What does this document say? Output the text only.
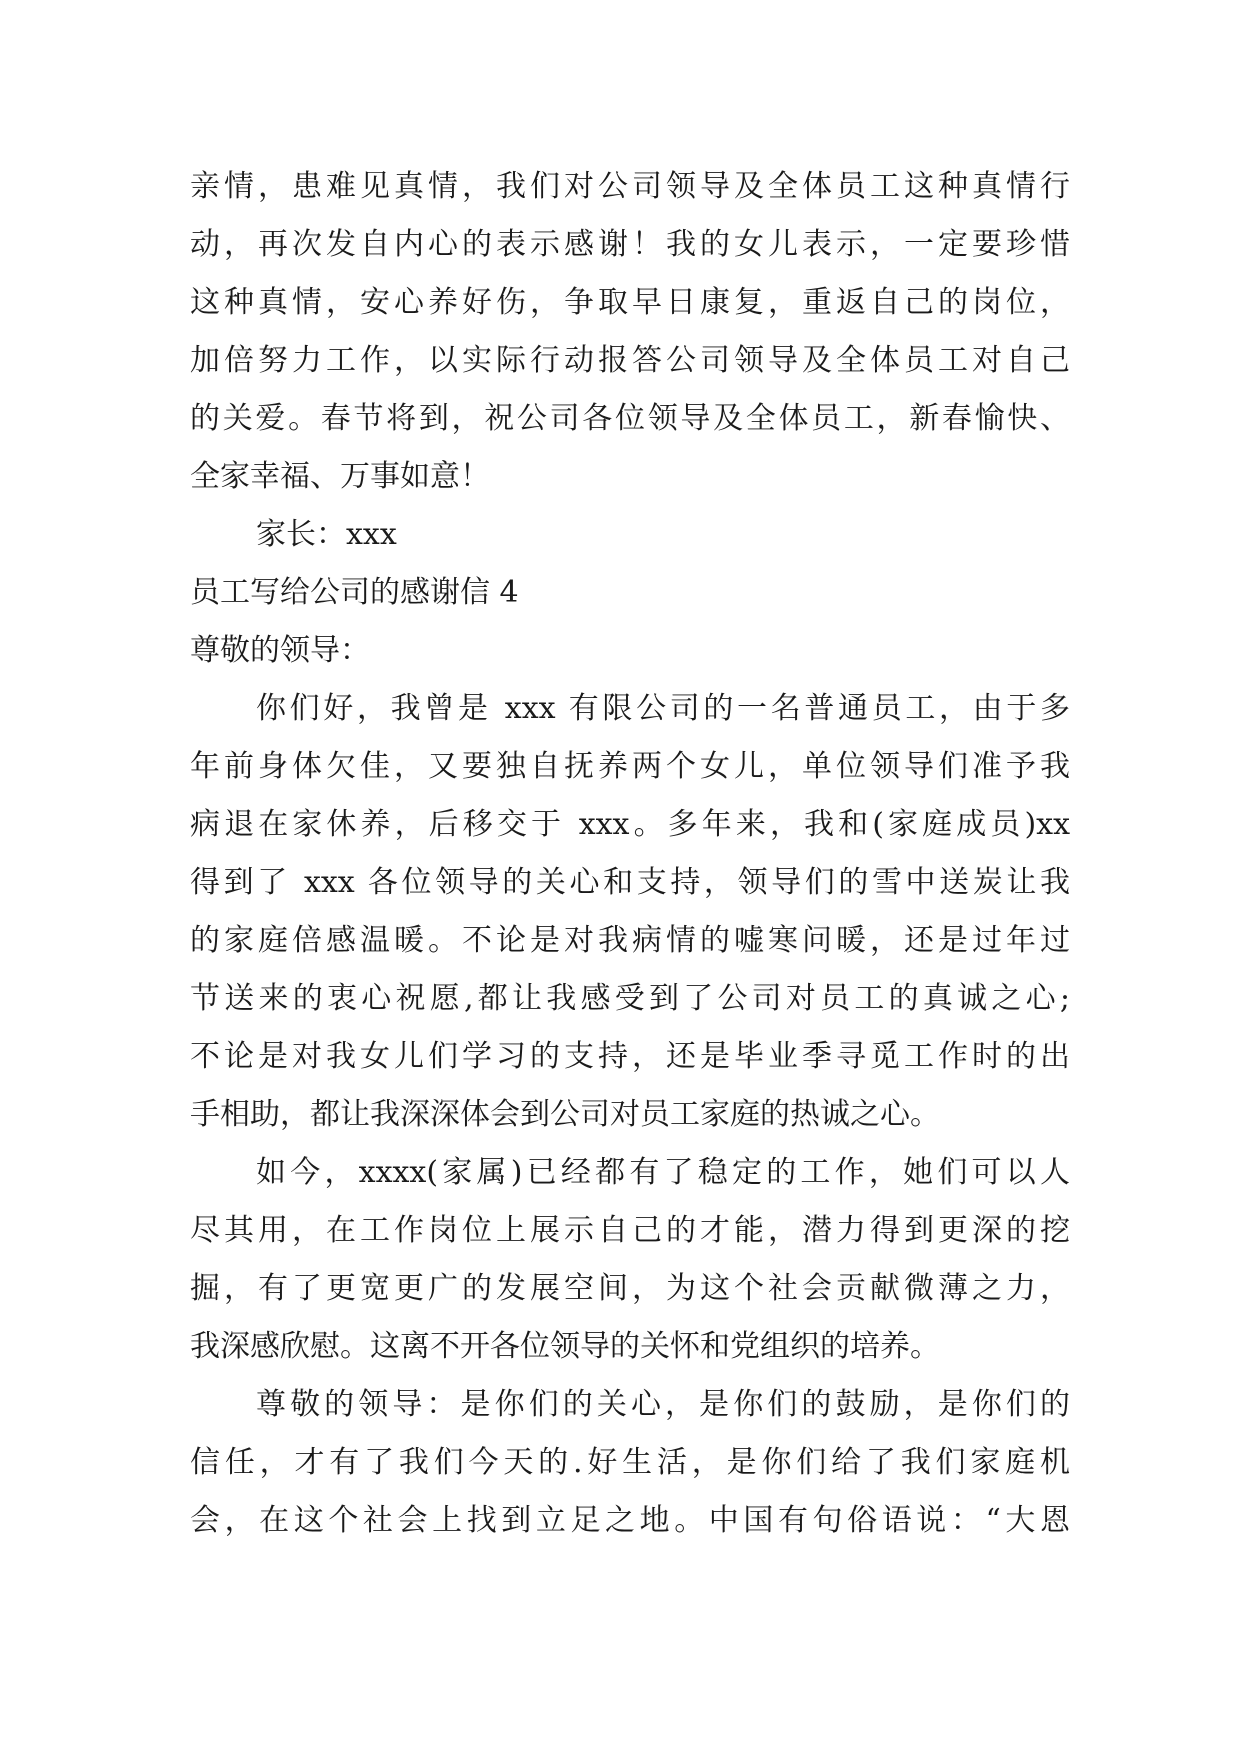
亲情，患难见真情，我们对公司领导及全体员工这种真情行
动，再次发自内心的表示感谢！我的女儿表示，一定要珍惜
这种真情，安心养好伤，争取早日康复，重返自己的岗位，
加倍努力工作，以实际行动报答公司领导及全体员工对自己
的关爱。春节将到，祝公司各位领导及全体员工，新春愉快、
全家幸福、万事如意！
家长：xxx
员工写给公司的感谢信 4
尊敬的领导：
你们好，我曾是 xxx 有限公司的一名普通员工，由于多
年前身体欠佳，又要独自抚养两个女儿，单位领导们准予我
病退在家休养，后移交于 xxx。多年来，我和(家庭成员)xx
得到了 xxx 各位领导的关心和支持，领导们的雪中送炭让我
的家庭倍感温暖。不论是对我病情的嘘寒问暖，还是过年过
节送来的衷心祝愿,都让我感受到了公司对员工的真诚之心;
不论是对我女儿们学习的支持，还是毕业季寻觅工作时的出
手相助，都让我深深体会到公司对员工家庭的热诚之心。
如今，xxxx(家属)已经都有了稳定的工作，她们可以人
尽其用，在工作岗位上展示自己的才能，潜力得到更深的挖
掘，有了更宽更广的发展空间，为这个社会贡献微薄之力，
我深感欣慰。这离不开各位领导的关怀和党组织的培养。
尊敬的领导：是你们的关心，是你们的鼓励，是你们的
信任，才有了我们今天的.好生活，是你们给了我们家庭机
会，在这个社会上找到立足之地。中国有句俗语说：“大恩
